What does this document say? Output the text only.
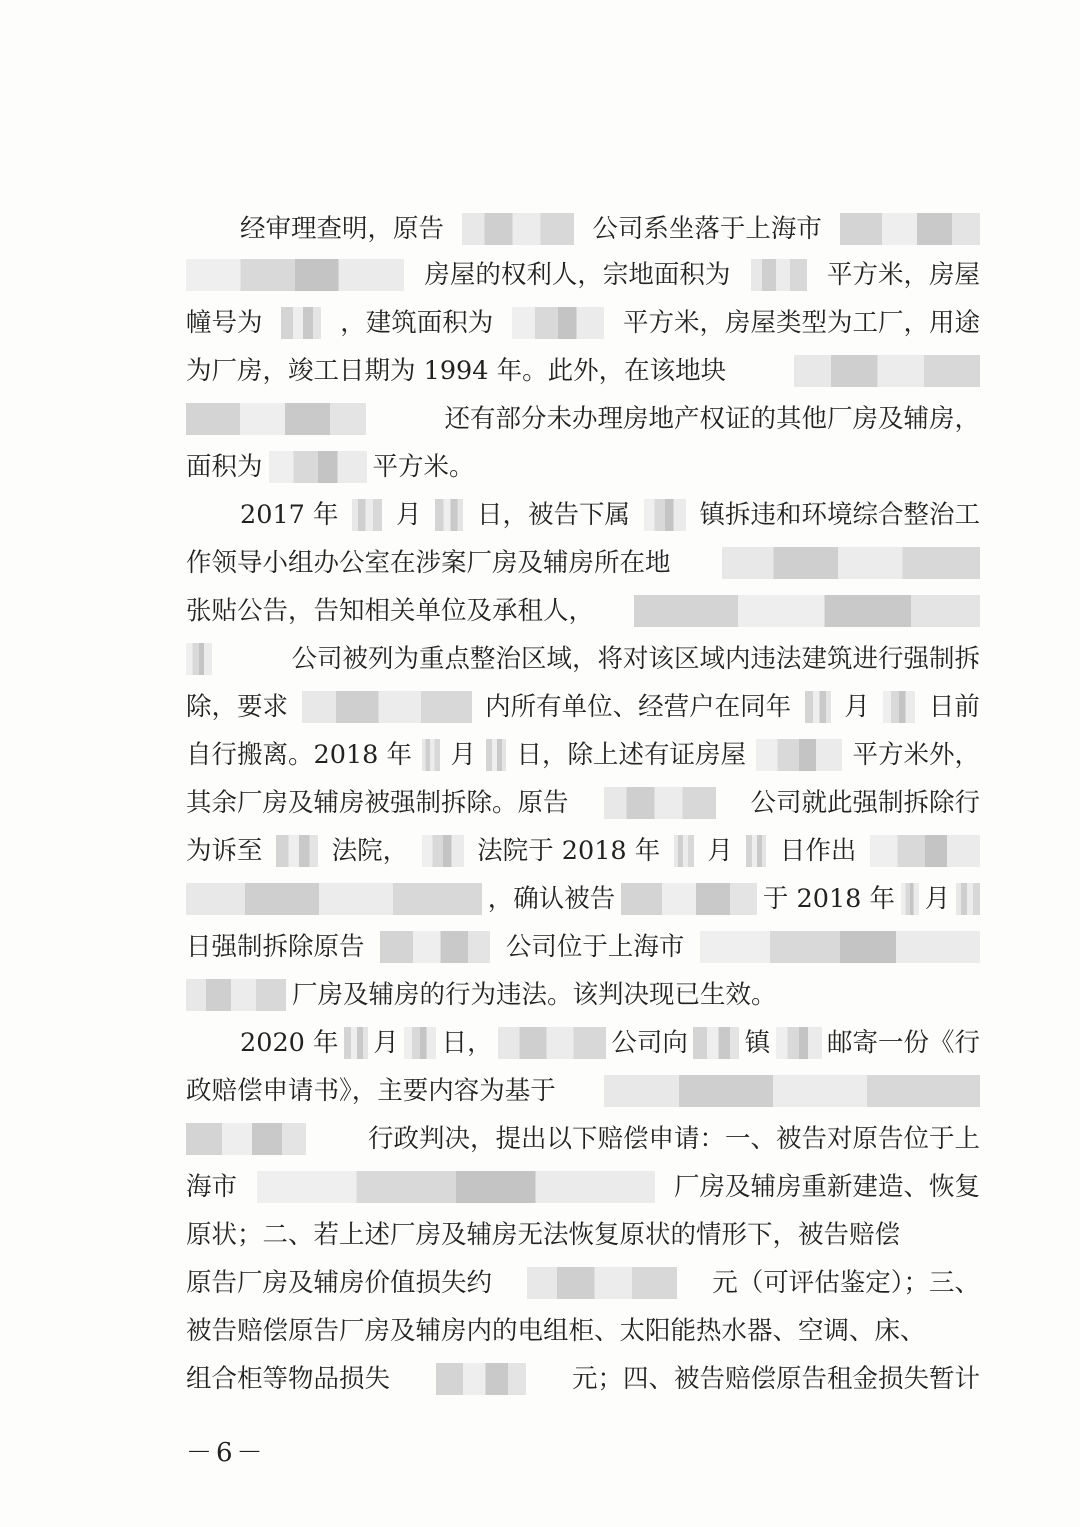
经审理查明，原告	公司系坐落于上海市
房屋的权利人，宗地面积为	平方米，房屋
幢号为	，建筑面积为	平方米，房屋类型为工厂，用途
为厂房，竣工日期为 1994 年。此外，在该地块
还有部分未办理房地产权证的其他厂房及辅房，
面积为	平方米。
2017 年 月 日，被告下属	镇拆违和环境综合整治工
作领导小组办公室在涉案厂房及辅房所在地
张贴公告，告知相关单位及承租人，
公司被列为重点整治区域，将对该区域内违法建筑进行强制拆
除，要求	内所有单位、经营户在同年 月 日前
自行搬离。2018 年 月 日，除上述有证房屋	平方米外，
其余厂房及辅房被强制拆除。原告	公司就此强制拆除行
为诉至	法院，	法院于 2018 年 月 日作出
，确认被告	于 2018 年 月
日强制拆除原告	公司位于上海市
厂房及辅房的行为违法。该判决现已生效。
2020 年 月 日，	公司向 镇 邮寄一份《行
政赔偿申请书》，主要内容为基于
行政判决，提出以下赔偿申请：一、被告对原告位于上
海市	厂房及辅房重新建造、恢复
原状；二、若上述厂房及辅房无法恢复原状的情形下，被告赔偿
原告厂房及辅房价值损失约	元（可评估鉴定）；三、
被告赔偿原告厂房及辅房内的电组柜、太阳能热水器、空调、床、
组合柜等物品损失	元；四、被告赔偿原告租金损失暂计
－6－
